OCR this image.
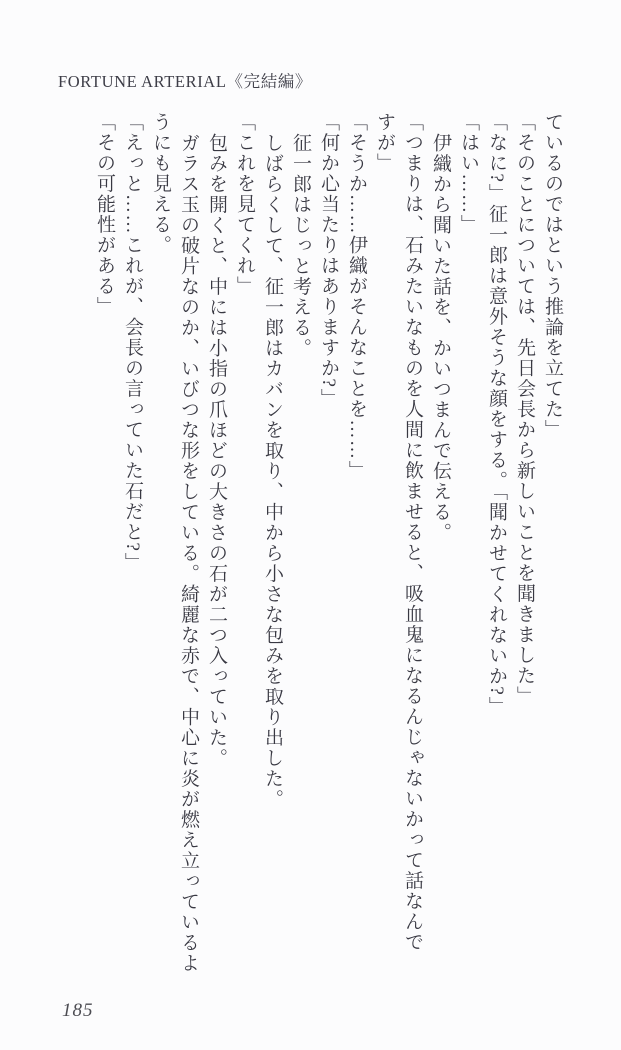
FORTUNE ARTERIAL《完結編》
ているのではという推論を立てた」
「そのことについては、先日会長から新しいことを聞きました」
「なに?」征一郎は意外そうな顔をする。「聞かせてくれないか?」
「はい……」
伊織から聞いた話を、かいつまんで伝える。
「つまりは、石みたいなものを人間に飲ませると、吸血鬼になるんじゃないかって話なんで
すが」
「そうか……伊織がそんなことを……」
「何か心当たりはありますか?」
征一郎はじっと考える。
しばらくして、征一郎はカバンを取り、中から小さな包みを取り出した。
「これを見てくれ」
包みを開くと、中には小指の爪ほどの大きさの石が二つ入っていた。
ガラス玉の破片なのか、いびつな形をしている。綺麗な赤で、中心に炎が燃え立っているよ
うにも見える。
「えっと……これが、会長の言っていた石だと?」
「その可能性がある」
185
